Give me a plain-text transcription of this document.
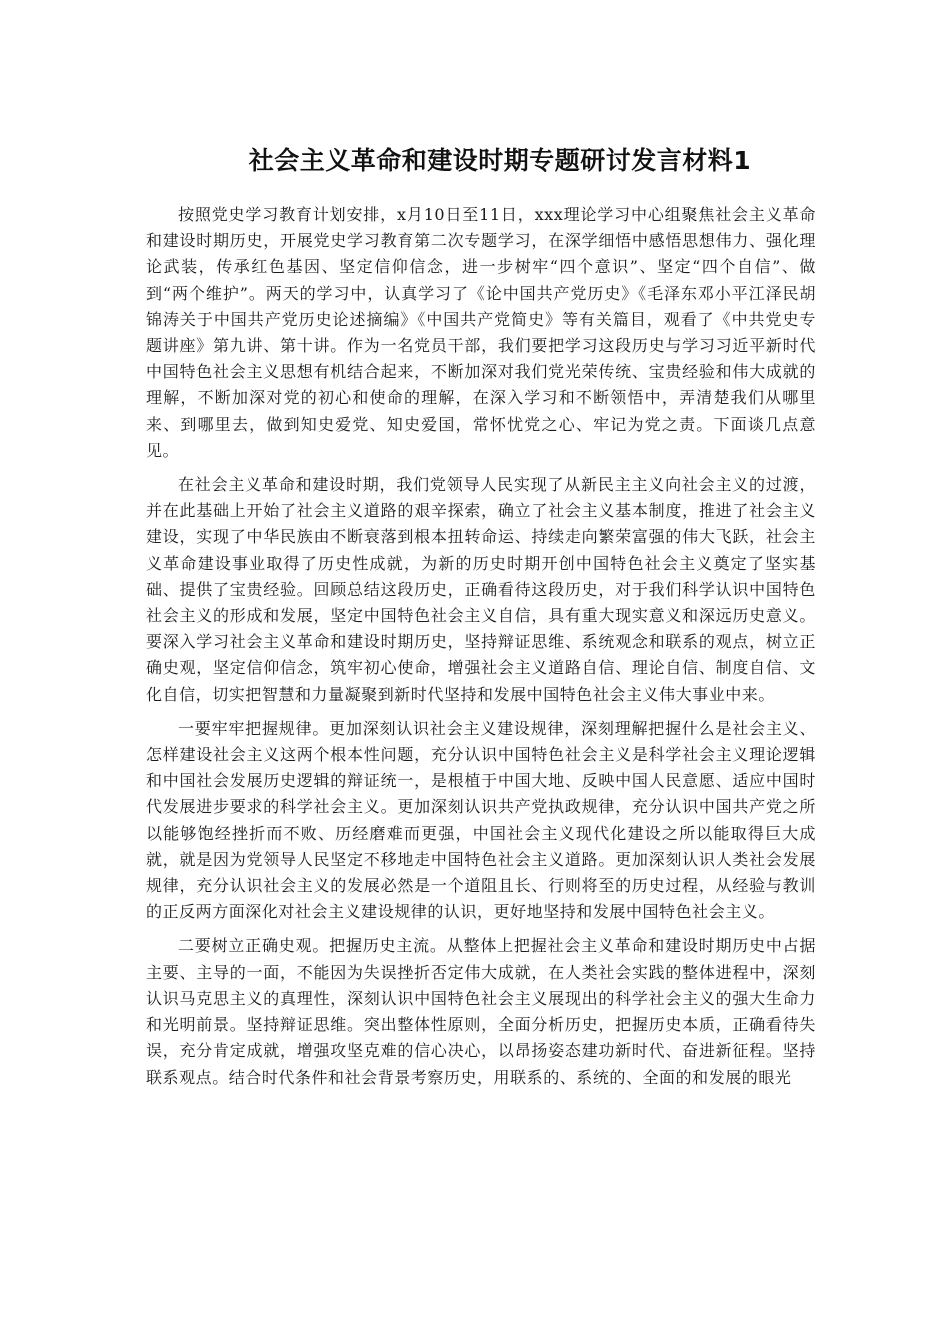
社会主义革命和建设时期专题研讨发言材料1

按照党史学习教育计划安排，x月10日至11日，xxx理论学习中心组聚焦社会主义革命和建设时期历史，开展党史学习教育第二次专题学习，在深学细悟中感悟思想伟力、强化理论武装，传承红色基因、坚定信仰信念，进一步树牢“四个意识”、坚定“四个自信”、做到“两个维护”。两天的学习中，认真学习了《论中国共产党历史》《毛泽东邓小平江泽民胡锦涛关于中国共产党历史论述摘编》《中国共产党简史》等有关篇目，观看了《中共党史专题讲座》第九讲、第十讲。作为一名党员干部，我们要把学习这段历史与学习习近平新时代中国特色社会主义思想有机结合起来，不断加深对我们党光荣传统、宝贵经验和伟大成就的理解，不断加深对党的初心和使命的理解，在深入学习和不断领悟中，弄清楚我们从哪里来、到哪里去，做到知史爱党、知史爱国，常怀忧党之心、牢记为党之责。下面谈几点意见。

在社会主义革命和建设时期，我们党领导人民实现了从新民主主义向社会主义的过渡，并在此基础上开始了社会主义道路的艰辛探索，确立了社会主义基本制度，推进了社会主义建设，实现了中华民族由不断衰落到根本扭转命运、持续走向繁荣富强的伟大飞跃，社会主义革命建设事业取得了历史性成就，为新的历史时期开创中国特色社会主义奠定了坚实基础、提供了宝贵经验。回顾总结这段历史，正确看待这段历史，对于我们科学认识中国特色社会主义的形成和发展，坚定中国特色社会主义自信，具有重大现实意义和深远历史意义。要深入学习社会主义革命和建设时期历史，坚持辩证思维、系统观念和联系的观点，树立正确史观，坚定信仰信念，筑牢初心使命，增强社会主义道路自信、理论自信、制度自信、文化自信，切实把智慧和力量凝聚到新时代坚持和发展中国特色社会主义伟大事业中来。

一要牢牢把握规律。更加深刻认识社会主义建设规律，深刻理解把握什么是社会主义、怎样建设社会主义这两个根本性问题，充分认识中国特色社会主义是科学社会主义理论逻辑和中国社会发展历史逻辑的辩证统一，是根植于中国大地、反映中国人民意愿、适应中国时代发展进步要求的科学社会主义。更加深刻认识共产党执政规律，充分认识中国共产党之所以能够饱经挫折而不败、历经磨难而更强，中国社会主义现代化建设之所以能取得巨大成就，就是因为党领导人民坚定不移地走中国特色社会主义道路。更加深刻认识人类社会发展规律，充分认识社会主义的发展必然是一个道阻且长、行则将至的历史过程，从经验与教训的正反两方面深化对社会主义建设规律的认识，更好地坚持和发展中国特色社会主义。

二要树立正确史观。把握历史主流。从整体上把握社会主义革命和建设时期历史中占据主要、主导的一面，不能因为失误挫折否定伟大成就，在人类社会实践的整体进程中，深刻认识马克思主义的真理性，深刻认识中国特色社会主义展现出的科学社会主义的强大生命力和光明前景。坚持辩证思维。突出整体性原则，全面分析历史，把握历史本质，正确看待失误，充分肯定成就，增强攻坚克难的信心决心，以昂扬姿态建功新时代、奋进新征程。坚持联系观点。结合时代条件和社会背景考察历史，用联系的、系统的、全面的和发展的眼光
